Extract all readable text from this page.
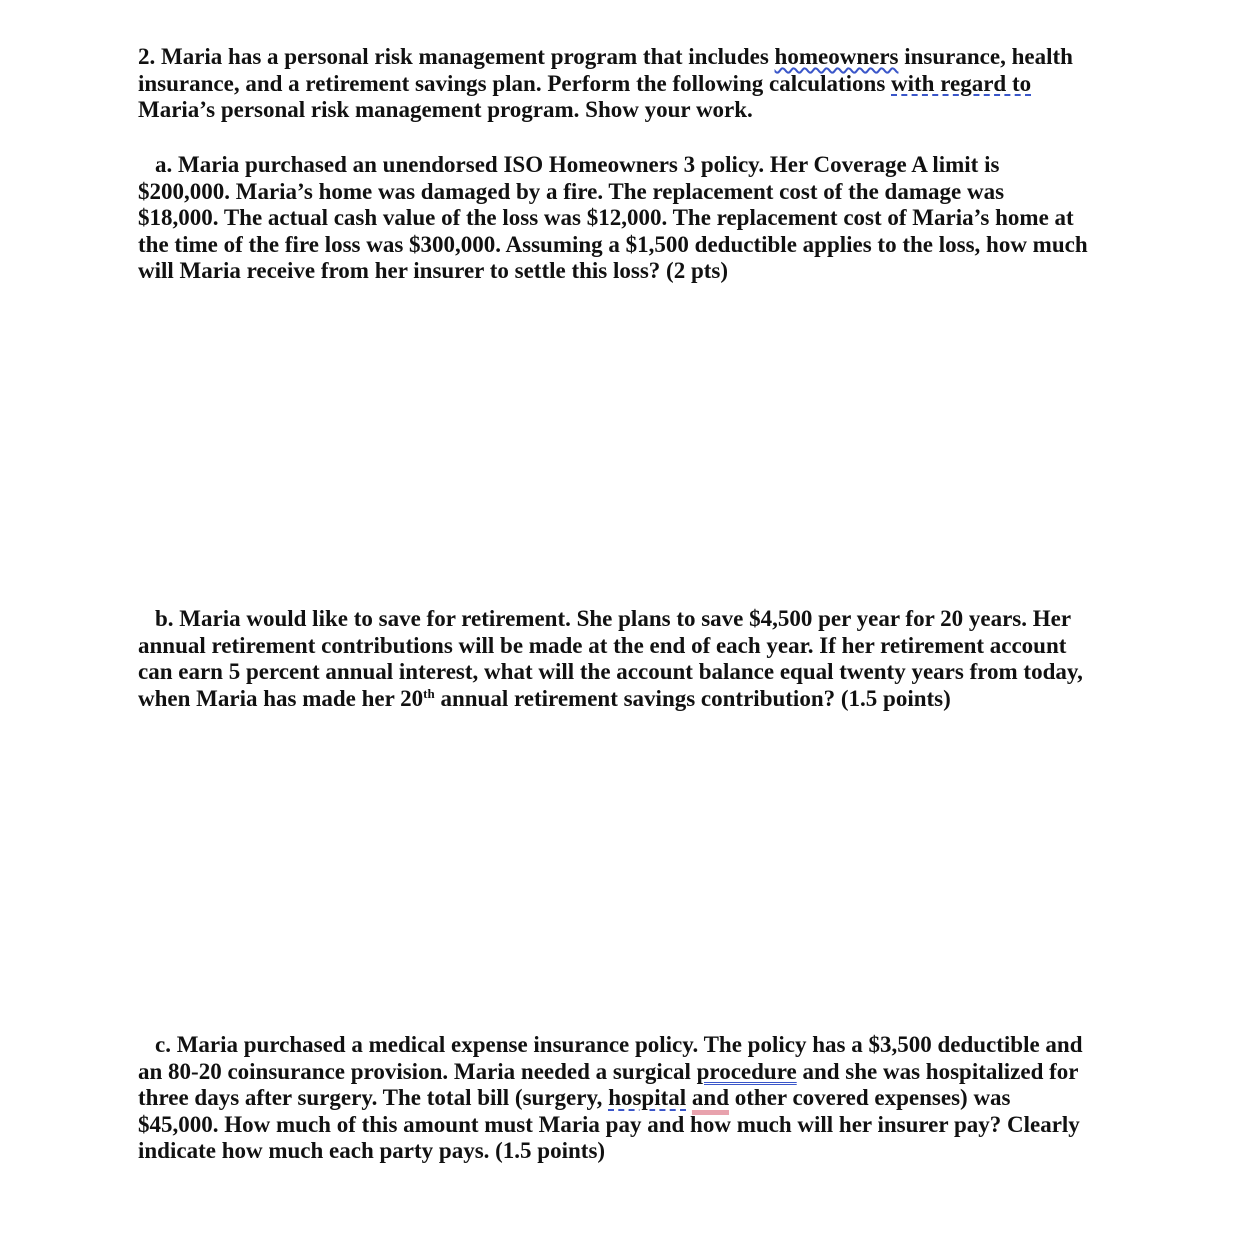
2. Maria has a personal risk management program that includes homeowners insurance, health
insurance, and a retirement savings plan. Perform the following calculations with regard to
Maria’s personal risk management program. Show your work.
a. Maria purchased an unendorsed ISO Homeowners 3 policy. Her Coverage A limit is
$200,000. Maria’s home was damaged by a fire. The replacement cost of the damage was
$18,000. The actual cash value of the loss was $12,000. The replacement cost of Maria’s home at
the time of the fire loss was $300,000. Assuming a $1,500 deductible applies to the loss, how much
will Maria receive from her insurer to settle this loss? (2 pts)
b. Maria would like to save for retirement. She plans to save $4,500 per year for 20 years. Her
annual retirement contributions will be made at the end of each year. If her retirement account
can earn 5 percent annual interest, what will the account balance equal twenty years from today,
when Maria has made her 20th annual retirement savings contribution? (1.5 points)
c. Maria purchased a medical expense insurance policy. The policy has a $3,500 deductible and
an 80-20 coinsurance provision. Maria needed a surgical procedure and she was hospitalized for
three days after surgery. The total bill (surgery, hospital and other covered expenses) was
$45,000. How much of this amount must Maria pay and how much will her insurer pay? Clearly
indicate how much each party pays. (1.5 points)
